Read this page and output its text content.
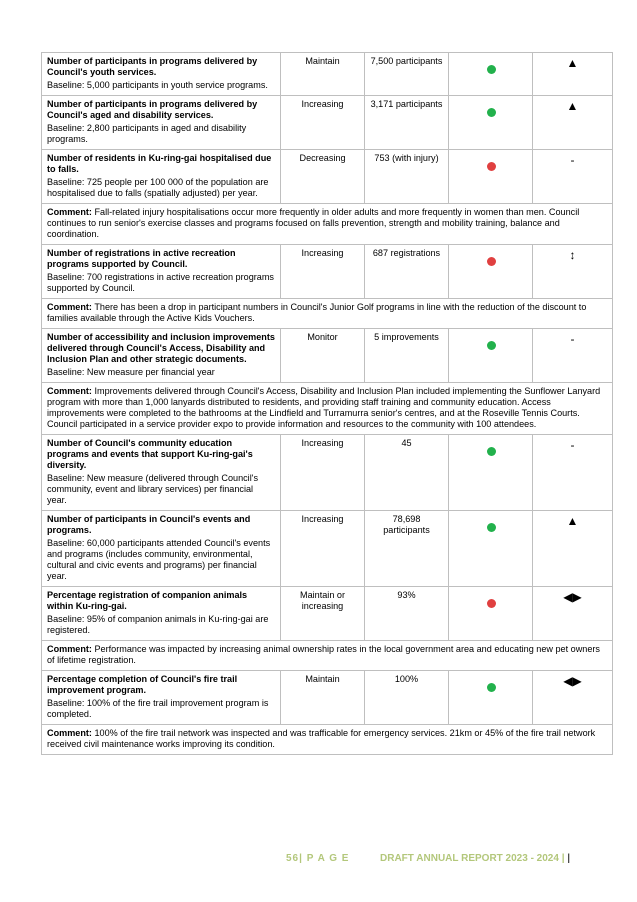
Number of participants in programs delivered by Council's youth services.
Baseline: 5,000 participants in youth service programs.	Maintain	7,500 participants		▲

Number of participants in programs delivered by Council's aged and disability services.
Baseline: 2,800 participants in aged and disability programs.	Increasing	3,171 participants		▲

Number of residents in Ku-ring-gai hospitalised due to falls.
Baseline: 725 people per 100 000 of the population are hospitalised due to falls (spatially adjusted) per year.	Decreasing	753 (with injury)		-
Comment: Fall-related injury hospitalisations occur more frequently in older adults and more frequently in women than men. Council continues to run senior's exercise classes and programs focused on falls prevention, strength and mobility training, balance and coordination.				

Number of registrations in active recreation programs supported by Council.
Baseline: 700 registrations in active recreation programs supported by Council.	Increasing	687 registrations		↕
Comment: There has been a drop in participant numbers in Council's Junior Golf programs in line with the reduction of the discount to families available through the Active Kids Vouchers.				

Number of accessibility and inclusion improvements delivered through Council's Access, Disability and Inclusion Plan and other strategic documents.
Baseline: New measure per financial year	Monitor	5 improvements		-
Comment: Improvements delivered through Council's Access, Disability and Inclusion Plan included implementing the Sunflower Lanyard program with more than 1,000 lanyards distributed to residents, and providing staff training and community education. Access improvements were completed to the bathrooms at the Lindfield and Turramurra senior's centres, and at the Roseville Tennis Courts. Council participated in a service provider expo to provide information and resources to the community with 100 attendees.				

Number of Council's community education programs and events that support Ku-ring-gai's diversity.
Baseline: New measure (delivered through Council's community, event and library services) per financial year.	Increasing	45		-

Number of participants in Council's events and programs.
Baseline: 60,000 participants attended Council's events and programs (includes community, environmental, cultural and civic events and programs) per financial year.	Increasing	78,698 participants		▲

Percentage registration of companion animals within Ku-ring-gai.
Baseline: 95% of companion animals in Ku-ring-gai are registered.	Maintain or increasing	93%		◀▶
Comment: Performance was impacted by increasing animal ownership rates in the local government area and educating new pet owners of lifetime registration.				

Percentage completion of Council's fire trail improvement program.
Baseline: 100% of the fire trail improvement program is completed.	Maintain	100%		◀▶
Comment: 100% of the fire trail network was inspected and was trafficable for emergency services. 21km or 45% of the fire trail network received civil maintenance works improving its condition.				
56| P A G E	DRAFT ANNUAL REPORT 2023 - 2024 | |
